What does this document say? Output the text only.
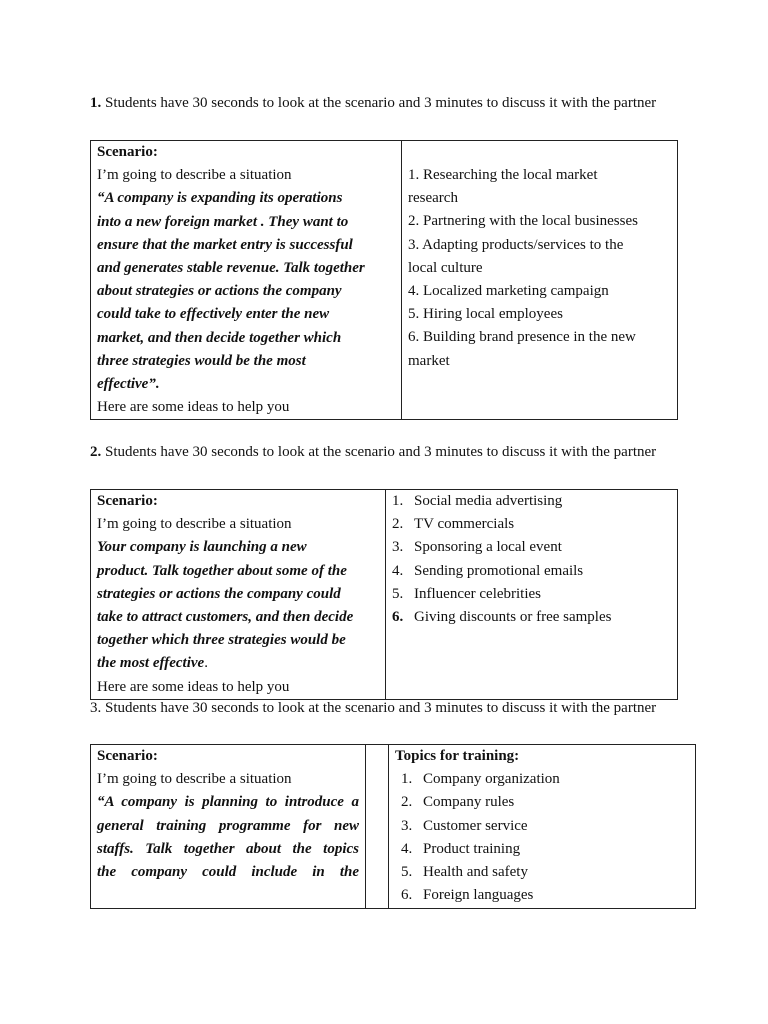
1. Students have 30 seconds to look at the scenario and 3 minutes to discuss it with the partner
Scenario:
I’m going to describe a situation
“A company is expanding its operations
into a new foreign market . They want to
ensure that the market entry is successful
and generates stable revenue. Talk together
about strategies or actions the company
could take to effectively enter the new
market, and then decide together which
three strategies would be the most
effective”.
Here are some ideas to help you

1. Researching the local market
research
2. Partnering with the local businesses
3. Adapting products/services to the
local culture
4. Localized marketing campaign
5. Hiring local employees
6. Building brand presence in the new
market
2. Students have 30 seconds to look at the scenario and 3 minutes to discuss it with the partner
Scenario:
I’m going to describe a situation
Your company is launching a new
product. Talk together about some of the
strategies or actions the company could
take to attract customers, and then decide
together which three strategies would be
the most effective.
Here are some ideas to help you

1. Social media advertising
2. TV commercials
3. Sponsoring a local event
4. Sending promotional emails
5. Influencer celebrities
6. Giving discounts or free samples
3. Students have 30 seconds to look at the scenario and 3 minutes to discuss it with the partner
Scenario:
I’m going to describe a situation
“A company is planning to introduce a
general training programme for new
staffs. Talk together about the topics
the company could include in the

Topics for training:
1. Company organization
2. Company rules
3. Customer service
4. Product training
5. Health and safety
6. Foreign languages
